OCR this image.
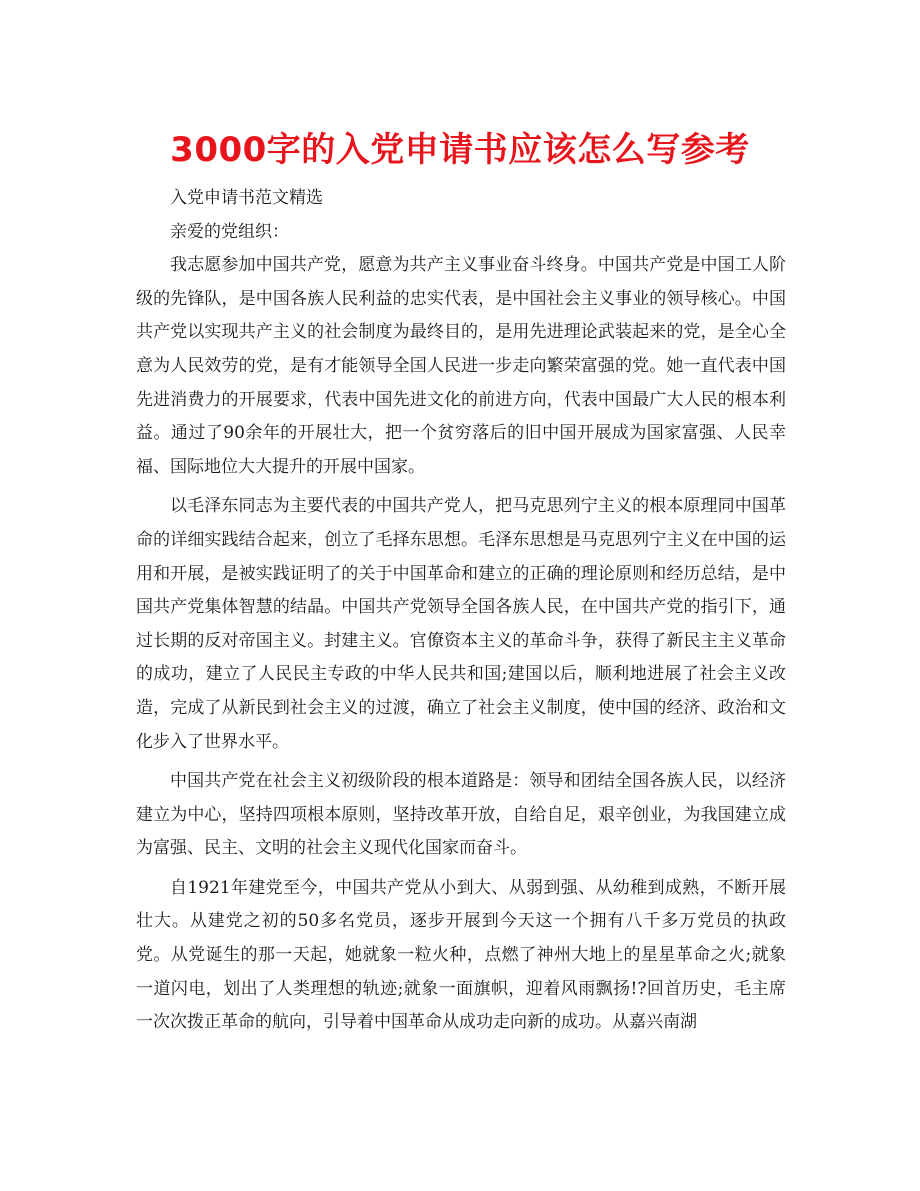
3000字的入党申请书应该怎么写参考

入党申请书范文精选

亲爱的党组织：

我志愿参加中国共产党，愿意为共产主义事业奋斗终身。中国共产党是中国工人阶级的先锋队，是中国各族人民利益的忠实代表，是中国社会主义事业的领导核心。中国共产党以实现共产主义的社会制度为最终目的，是用先进理论武装起来的党，是全心全意为人民效劳的党，是有才能领导全国人民进一步走向繁荣富强的党。她一直代表中国先进消费力的开展要求，代表中国先进文化的前进方向，代表中国最广大人民的根本利益。通过了90余年的开展壮大，把一个贫穷落后的旧中国开展成为国家富强、人民幸福、国际地位大大提升的开展中国家。

以毛泽东同志为主要代表的中国共产党人，把马克思列宁主义的根本原理同中国革命的详细实践结合起来，创立了毛择东思想。毛泽东思想是马克思列宁主义在中国的运用和开展，是被实践证明了的关于中国革命和建立的正确的理论原则和经历总结，是中国共产党集体智慧的结晶。中国共产党领导全国各族人民，在中国共产党的指引下，通过长期的反对帝国主义。封建主义。官僚资本主义的革命斗争，获得了新民主主义革命的成功，建立了人民民主专政的中华人民共和国;建国以后，顺利地进展了社会主义改造，完成了从新民到社会主义的过渡，确立了社会主义制度，使中国的经济、政治和文化步入了世界水平。

中国共产党在社会主义初级阶段的根本道路是：领导和团结全国各族人民，以经济建立为中心，坚持四项根本原则，坚持改革开放，自给自足，艰辛创业，为我国建立成为富强、民主、文明的社会主义现代化国家而奋斗。

自1921年建党至今，中国共产党从小到大、从弱到强、从幼稚到成熟，不断开展壮大。从建党之初的50多名党员，逐步开展到今天这一个拥有八千多万党员的执政党。从党诞生的那一天起，她就象一粒火种，点燃了神州大地上的星星革命之火;就象一道闪电，划出了人类理想的轨迹;就象一面旗帜，迎着风雨飘扬!?回首历史，毛主席一次次拨正革命的航向，引导着中国革命从成功走向新的成功。从嘉兴南湖
